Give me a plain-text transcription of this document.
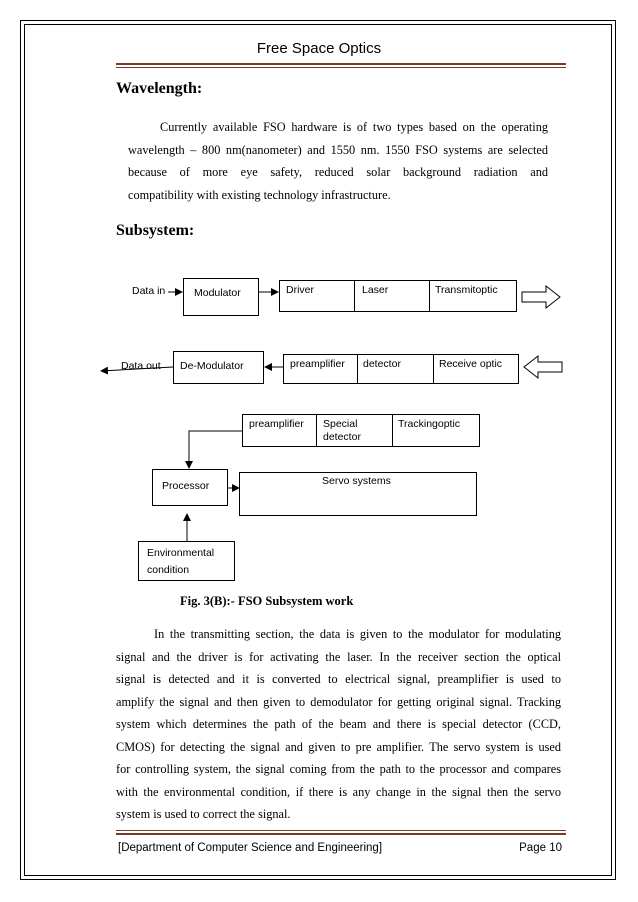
Free Space Optics
Wavelength:
Currently available FSO hardware is of two types based on the operating
wavelength – 800 nm(nanometer) and 1550 nm. 1550 FSO systems are selected
because of more eye safety, reduced solar background radiation and
compatibility with existing technology infrastructure.
Subsystem:
Data in	Modulator	Driver	Laser	Transmitoptic
Data out De-Modulator	preamplifier detector	Receive optic
preamplifier Special
detector
Trackingoptic
Processor	Servo systems
Environmental
condition
Fig. 3(B):- FSO Subsystem work
In the transmitting section, the data is given to the modulator for modulating
signal and the driver is for activating the laser. In the receiver section the optical
signal is detected and it is converted to electrical signal, preamplifier is used to
amplify the signal and then given to demodulator for getting original signal. Tracking
system which determines the path of the beam and there is special detector (CCD,
CMOS) for detecting the signal and given to pre amplifier. The servo system is used
for controlling system, the signal coming from the path to the processor and compares
with the environmental condition, if there is any change in the signal then the servo
system is used to correct the signal.
[Department of Computer Science and Engineering]	Page 10
